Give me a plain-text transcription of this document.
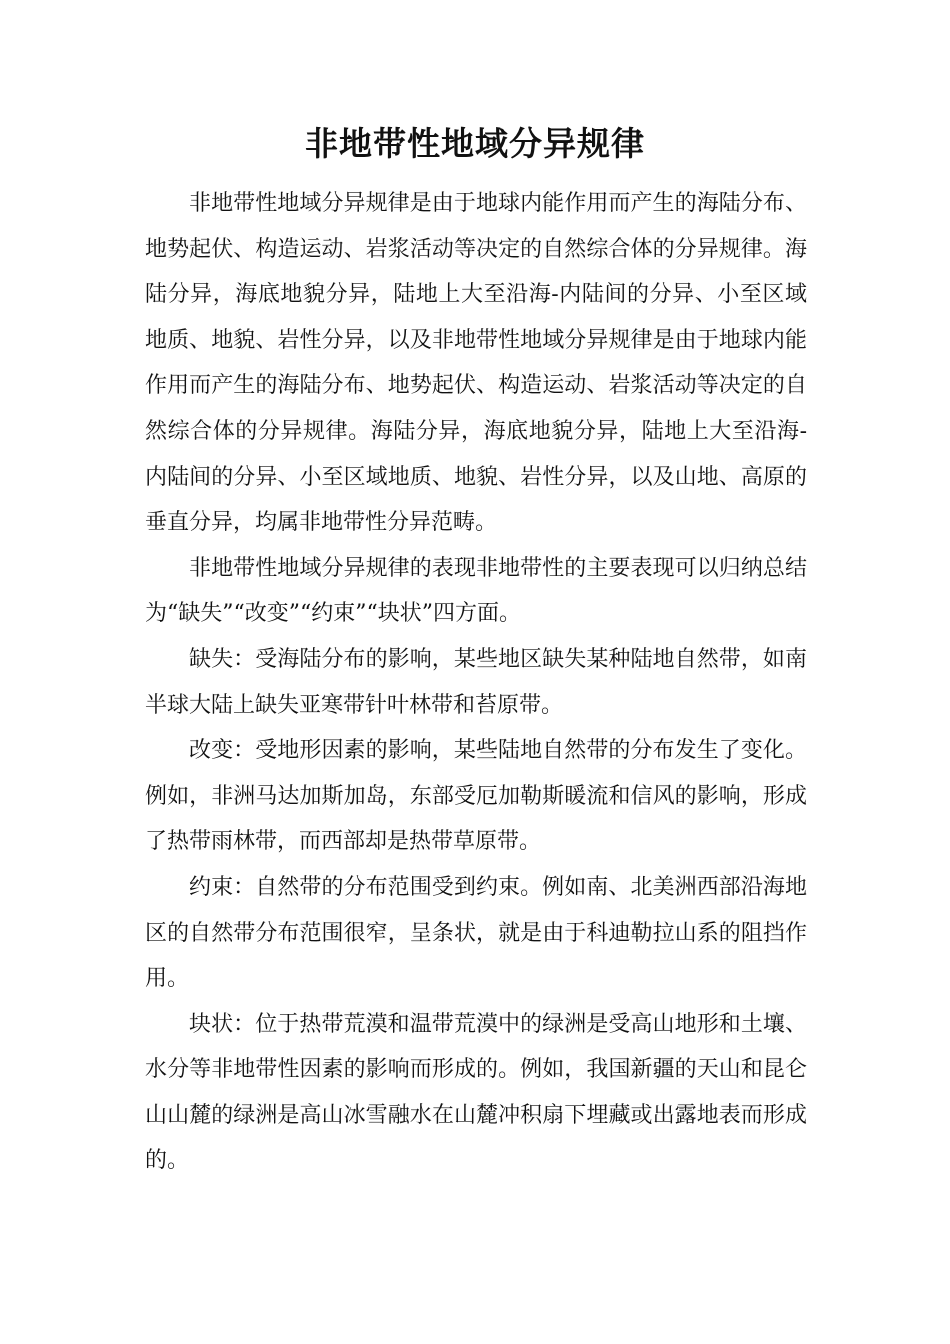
非地带性地域分异规律

非地带性地域分异规律是由于地球内能作用而产生的海陆分布、地势起伏、构造运动、岩浆活动等决定的自然综合体的分异规律。海陆分异，海底地貌分异，陆地上大至沿海-内陆间的分异、小至区域地质、地貌、岩性分异，以及非地带性地域分异规律是由于地球内能作用而产生的海陆分布、地势起伏、构造运动、岩浆活动等决定的自然综合体的分异规律。海陆分异，海底地貌分异，陆地上大至沿海-内陆间的分异、小至区域地质、地貌、岩性分异，以及山地、高原的垂直分异，均属非地带性分异范畴。

非地带性地域分异规律的表现非地带性的主要表现可以归纳总结为“缺失”“改变”“约束”“块状”四方面。

缺失：受海陆分布的影响，某些地区缺失某种陆地自然带，如南半球大陆上缺失亚寒带针叶林带和苔原带。

改变：受地形因素的影响，某些陆地自然带的分布发生了变化。例如，非洲马达加斯加岛，东部受厄加勒斯暖流和信风的影响，形成了热带雨林带，而西部却是热带草原带。

约束：自然带的分布范围受到约束。例如南、北美洲西部沿海地区的自然带分布范围很窄，呈条状，就是由于科迪勒拉山系的阻挡作用。

块状：位于热带荒漠和温带荒漠中的绿洲是受高山地形和土壤、水分等非地带性因素的影响而形成的。例如，我国新疆的天山和昆仑山山麓的绿洲是高山冰雪融水在山麓冲积扇下埋藏或出露地表而形成的。
